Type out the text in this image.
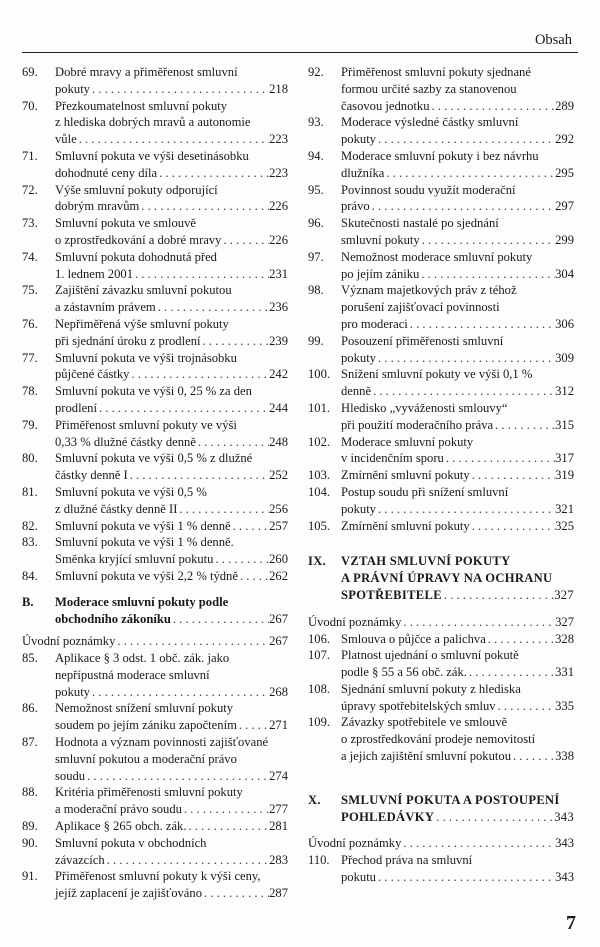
Obsah
69. Dobré mravy a přiměřenost smluvní
pokuty . . .	218
70. Přezkoumatelnost smluvní pokuty
z hlediska dobrých mravů a autonomie
vůle . . .	223
71. Smluvní pokuta ve výši desetinásobku
dohodnuté ceny díla . . .	223
72. Výše smluvní pokuty odporující
dobrým mravům . . .	226
73. Smluvní pokuta ve smlouvě
o zprostředkování a dobré mravy . . .	226
74. Smluvní pokuta dohodnutá před
1. lednem 2001 . . .	231
75. Zajištění závazku smluvní pokutou
a zástavním právem . . .	236
76. Nepřiměřená výše smluvní pokuty
při sjednání úroku z prodlení . . .	239
77. Smluvní pokuta ve výši trojnásobku
půjčené částky . . .	242
78. Smluvní pokuta ve výši 0, 25 % za den
prodlení . . .	244
79. Přiměřenost smluvní pokuty ve výši
0,33 % dlužné částky denně . . .	248
80. Smluvní pokuta ve výši 0,5 % z dlužné
částky denně I . . .	252
81. Smluvní pokuta ve výši 0,5 %
z dlužné částky denně II . . .	256
82. Smluvní pokuta ve výši 1 % denně . . .	257
83. Smluvní pokuta ve výši 1 % denně.
Směnka kryjící smluvní pokutu . . .	260
84. Smluvní pokuta ve výši 2,2 % týdně . . . 262
B. Moderace smluvní pokuty podle
obchodního zákoníku . . .	267
Úvodní poznámky . . .	267
85. Aplikace § 3 odst. 1 obč. zák. jako
nepřípustná moderace smluvní
pokuty . . .	268
86. Nemožnost snížení smluvní pokuty
soudem po jejím zániku započtením . . .	271
87. Hodnota a význam povinnosti zajišťované
smluvní pokutou a moderační právo
soudu . . .	274
88. Kritéria přiměřenosti smluvní pokuty
a moderační právo soudu . . .	277
89. Aplikace § 265 obch. zák. . . .	281
90. Smluvní pokuta v obchodních
závazcích . . .	283
91. Přiměřenost smluvní pokuty k výši ceny,
jejíž zaplacení je zajišťováno . . .	287
92. Přiměřenost smluvní pokuty sjednané
formou určité sazby za stanovenou
časovou jednotku . . .	289
93. Moderace výsledné částky smluvní
pokuty . . .	292
94. Moderace smluvní pokuty i bez návrhu
dlužníka . . .	295
95. Povinnost soudu využít moderační
právo . . .	297
96. Skutečnosti nastalé po sjednání
smluvní pokuty . . .	299
97. Nemožnost moderace smluvní pokuty
po jejím zániku . . .	304
98. Význam majetkových práv z téhož
porušení zajišťovací povinnosti
pro moderaci . . .	306
99. Posouzení přiměřenosti smluvní
pokuty . . .	309
100. Snížení smluvní pokuty ve výši 0,1 %
denně . . .	312
101. Hledisko „vyváženosti smlouvy“
při použití moderačního práva . . .	315
102. Moderace smluvní pokuty
v incidenčním sporu . . .	317
103. Zmírnění smluvní pokuty . . .	319
104. Postup soudu při snížení smluvní
pokuty . . .	321
105. Zmírnění smluvní pokuty . . .	325
IX. VZTAH SMLUVNÍ POKUTY
A PRÁVNÍ ÚPRAVY NA OCHRANU
SPOTŘEBITELE . . .	327
Úvodní poznámky . . .	327
106. Smlouva o půjčce a palichva . . .	328
107. Platnost ujednání o smluvní pokutě
podle § 55 a 56 obč. zák. . . .	331
108. Sjednání smluvní pokuty z hlediska
úpravy spotřebitelských smluv . . .	335
109. Závazky spotřebitele ve smlouvě
o zprostředkování prodeje nemovitostí
a jejich zajištění smluvní pokutou . . .	338
X. SMLUVNÍ POKUTA A POSTOUPENÍ
POHLEDÁVKY . . .	343
Úvodní poznámky . . .	343
110. Přechod práva na smluvní
pokutu . . .	343
7
